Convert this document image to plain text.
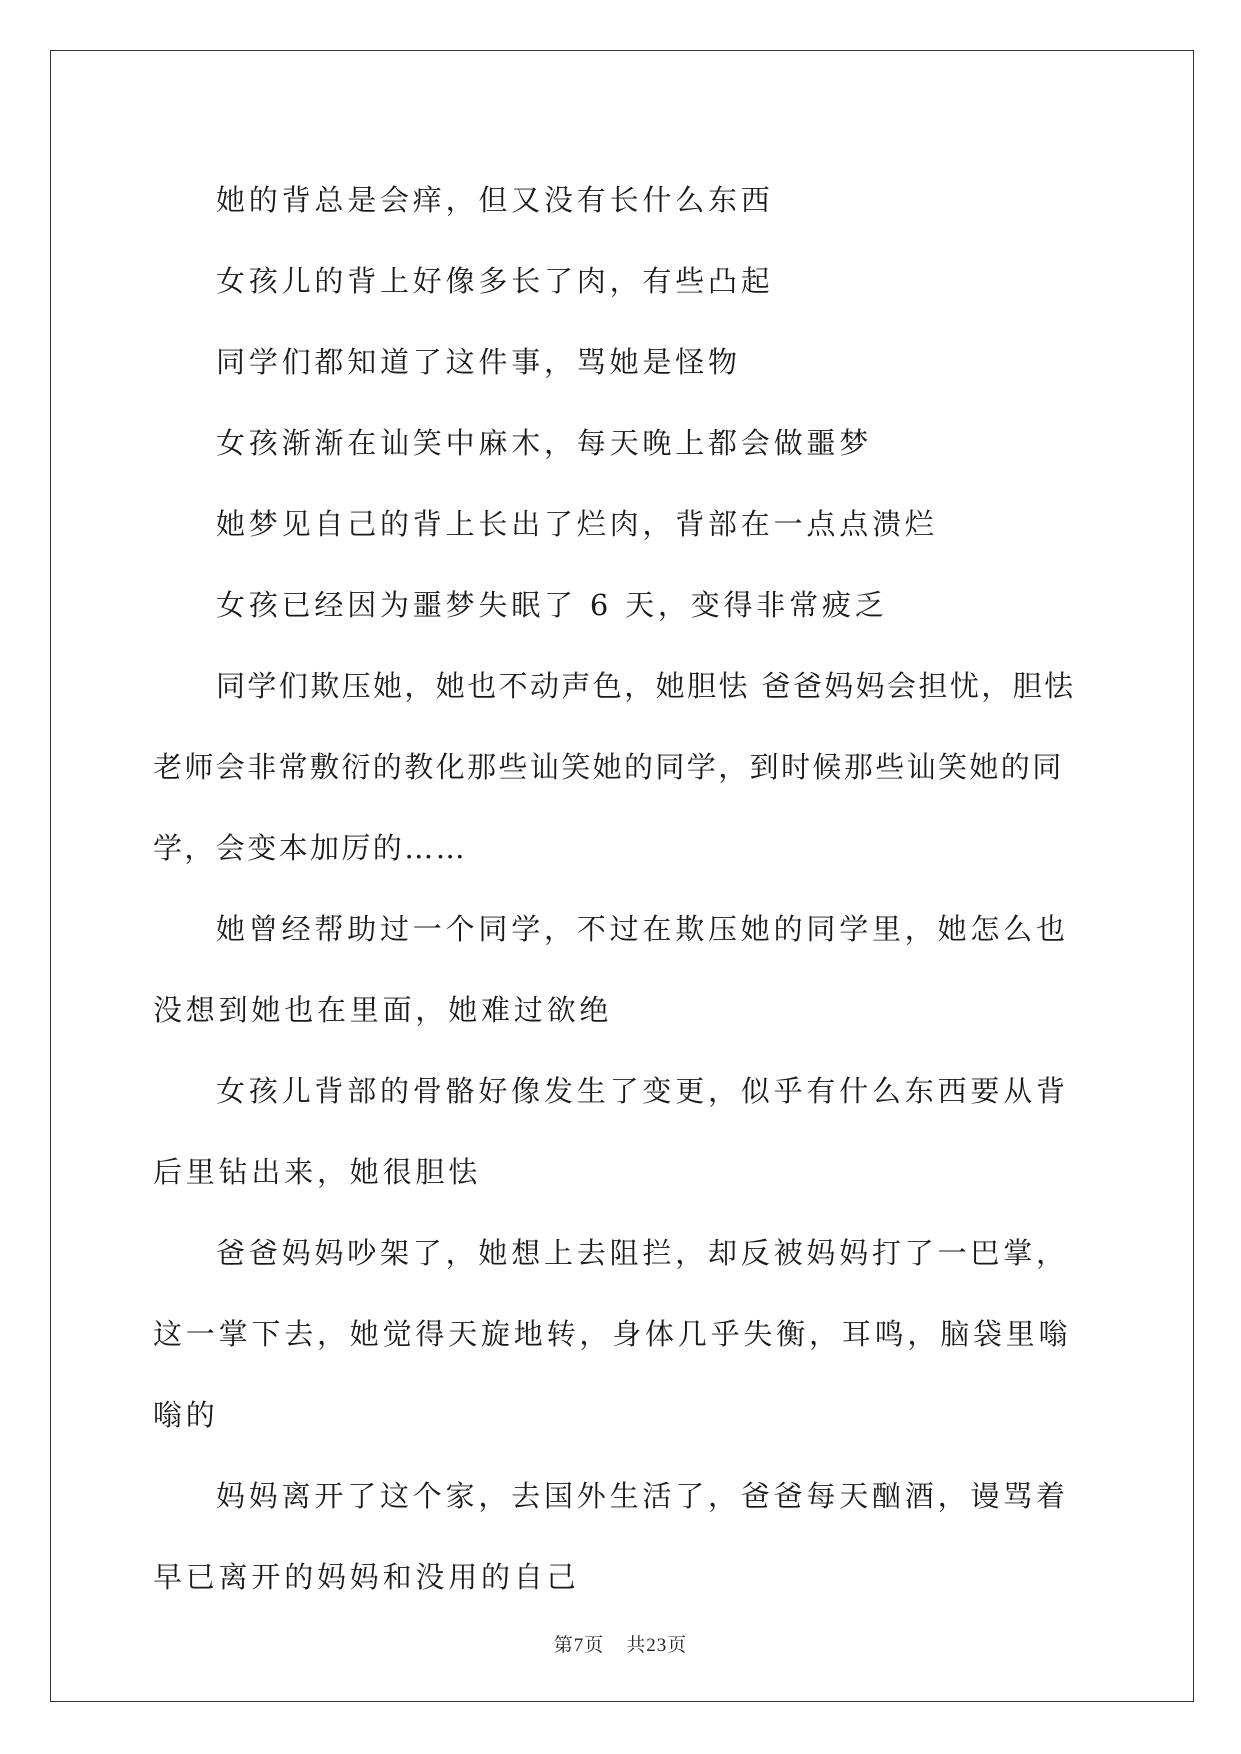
她的背总是会痒，但又没有长什么东西

女孩儿的背上好像多长了肉，有些凸起

同学们都知道了这件事，骂她是怪物

女孩渐渐在讪笑中麻木，每天晚上都会做噩梦

她梦见自己的背上长出了烂肉，背部在一点点溃烂

女孩已经因为噩梦失眠了 6 天，变得非常疲乏

同学们欺压她，她也不动声色，她胆怯 爸爸妈妈会担忧，胆怯 老师会非常敷衍的教化那些讪笑她的同学，到时候那些讪笑她的同学，会变本加厉的……

她曾经帮助过一个同学，不过在欺压她的同学里，她怎么也没想到她也在里面，她难过欲绝

女孩儿背部的骨骼好像发生了变更，似乎有什么东西要从背后里钻出来，她很胆怯

爸爸妈妈吵架了，她想上去阻拦，却反被妈妈打了一巴掌，这一掌下去，她觉得天旋地转，身体几乎失衡，耳鸣，脑袋里嗡嗡的

妈妈离开了这个家，去国外生活了，爸爸每天酗酒，谩骂着早已离开的妈妈和没用的自己

第7页 共23页
